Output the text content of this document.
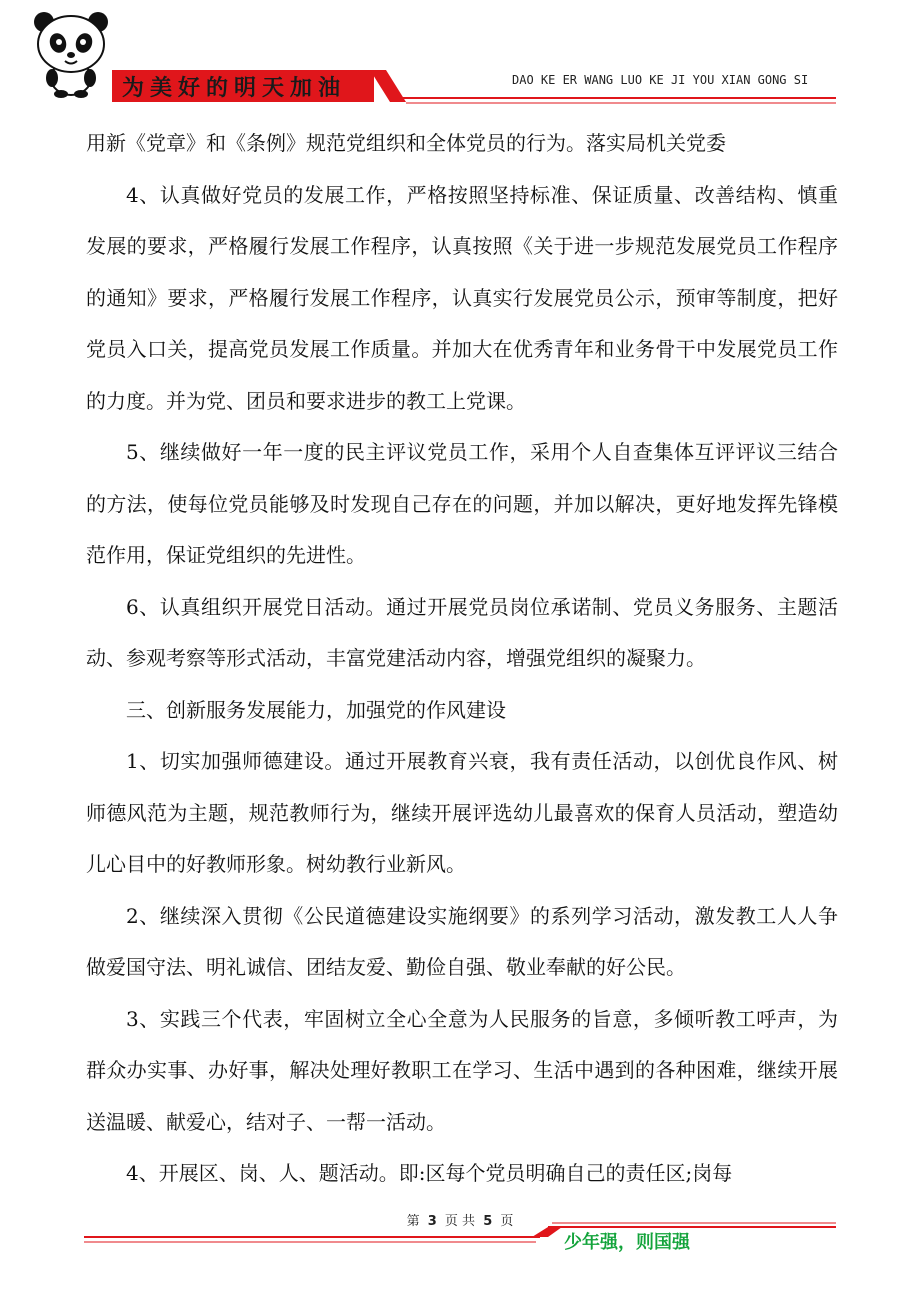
为美好的明天加油	DAO KE ER WANG LUO KE JI YOU XIAN GONG SI

用新《党章》和《条例》规范党组织和全体党员的行为。落实局机关党委

4、认真做好党员的发展工作，严格按照坚持标准、保证质量、改善结构、慎重发展的要求，严格履行发展工作程序，认真按照《关于进一步规范发展党员工作程序的通知》要求，严格履行发展工作程序，认真实行发展党员公示，预审等制度，把好党员入口关，提高党员发展工作质量。并加大在优秀青年和业务骨干中发展党员工作的力度。并为党、团员和要求进步的教工上党课。

5、继续做好一年一度的民主评议党员工作，采用个人自查集体互评评议三结合的方法，使每位党员能够及时发现自己存在的问题，并加以解决，更好地发挥先锋模范作用，保证党组织的先进性。

6、认真组织开展党日活动。通过开展党员岗位承诺制、党员义务服务、主题活动、参观考察等形式活动，丰富党建活动内容，增强党组织的凝聚力。

三、创新服务发展能力，加强党的作风建设

1、切实加强师德建设。通过开展教育兴衰，我有责任活动，以创优良作风、树师德风范为主题，规范教师行为，继续开展评选幼儿最喜欢的保育人员活动，塑造幼儿心目中的好教师形象。树幼教行业新风。

2、继续深入贯彻《公民道德建设实施纲要》的系列学习活动，激发教工人人争做爱国守法、明礼诚信、团结友爱、勤俭自强、敬业奉献的好公民。

3、实践三个代表，牢固树立全心全意为人民服务的旨意，多倾听教工呼声，为群众办实事、办好事，解决处理好教职工在学习、生活中遇到的各种困难，继续开展送温暖、献爱心，结对子、一帮一活动。

4、开展区、岗、人、题活动。即:区每个党员明确自己的责任区;岗每

第 3 页 共 5 页
少年强，则国强
